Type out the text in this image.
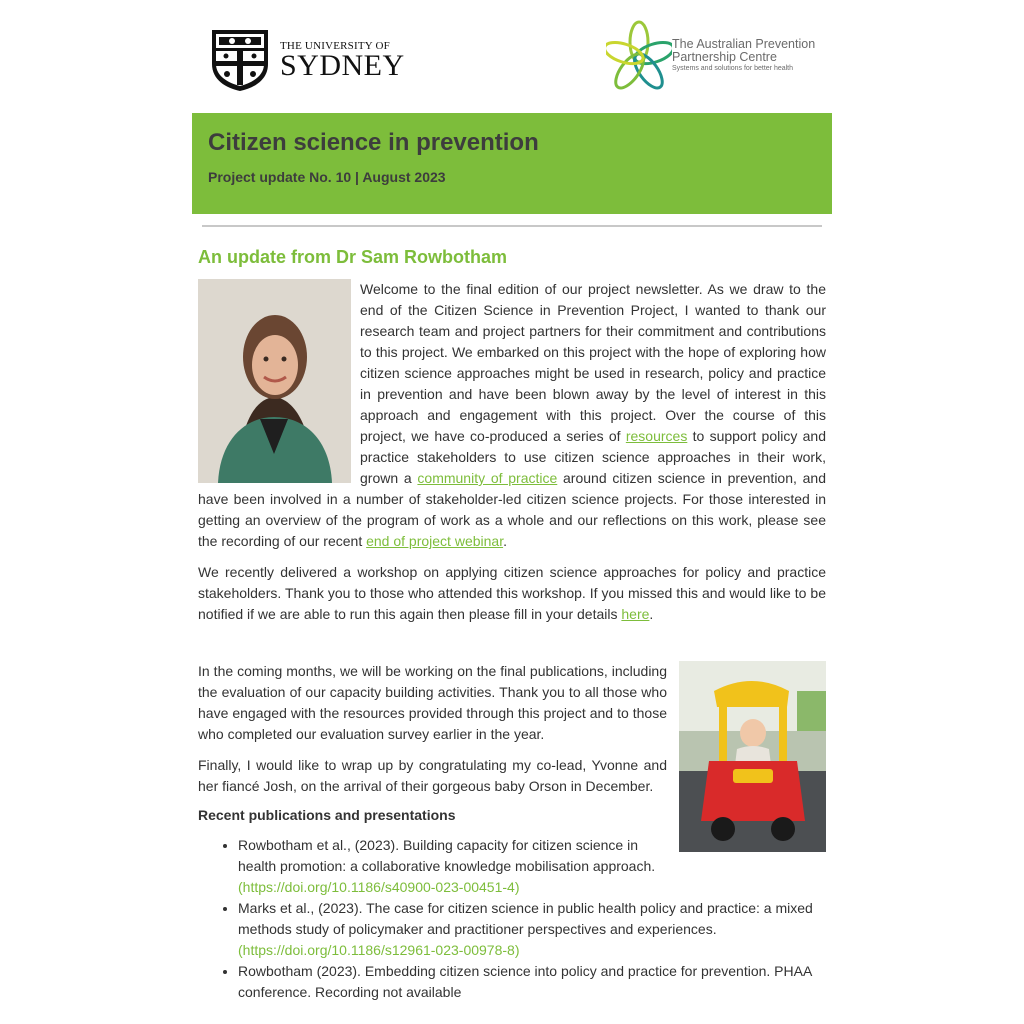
THE UNIVERSITY OF
SYDNEY
The Australian Prevention
Partnership Centre
Systems and solutions for better health
Citizen science in prevention
Project update No. 10 | August 2023
An update from Dr Sam Rowbotham

Welcome to the final edition of our project newsletter. As we draw to the end of the Citizen Science in Prevention Project, I wanted to thank our research team and project partners for their commitment and contributions to this project. We embarked on this project with the hope of exploring how citizen science approaches might be used in research, policy and practice in prevention and have been blown away by the level of interest in this approach and engagement with this project. Over the course of this project, we have co-produced a series of resources to support policy and practice stakeholders to use citizen science approaches in their work, grown a community of practice around citizen science in prevention, and have been involved in a number of stakeholder-led citizen science projects. For those interested in getting an overview of the program of work as a whole and our reflections on this work, please see the recording of our recent end of project webinar.

We recently delivered a workshop on applying citizen science approaches for policy and practice stakeholders. Thank you to those who attended this workshop. If you missed this and would like to be notified if we are able to run this again then please fill in your details here.

In the coming months, we will be working on the final publications, including the evaluation of our capacity building activities. Thank you to all those who have engaged with the resources provided through this project and to those who completed our evaluation survey earlier in the year.

Finally, I would like to wrap up by congratulating my co-lead, Yvonne and her fiancé Josh, on the arrival of their gorgeous baby Orson in December.

Recent publications and presentations
• Rowbotham et al., (2023). Building capacity for citizen science in health promotion: a collaborative knowledge mobilisation approach. (https://doi.org/10.1186/s40900-023-00451-4)
• Marks et al., (2023). The case for citizen science in public health policy and practice: a mixed methods study of policymaker and practitioner perspectives and experiences. (https://doi.org/10.1186/s12961-023-00978-8)
• Rowbotham (2023). Embedding citizen science into policy and practice for prevention. PHAA conference. Recording not available
